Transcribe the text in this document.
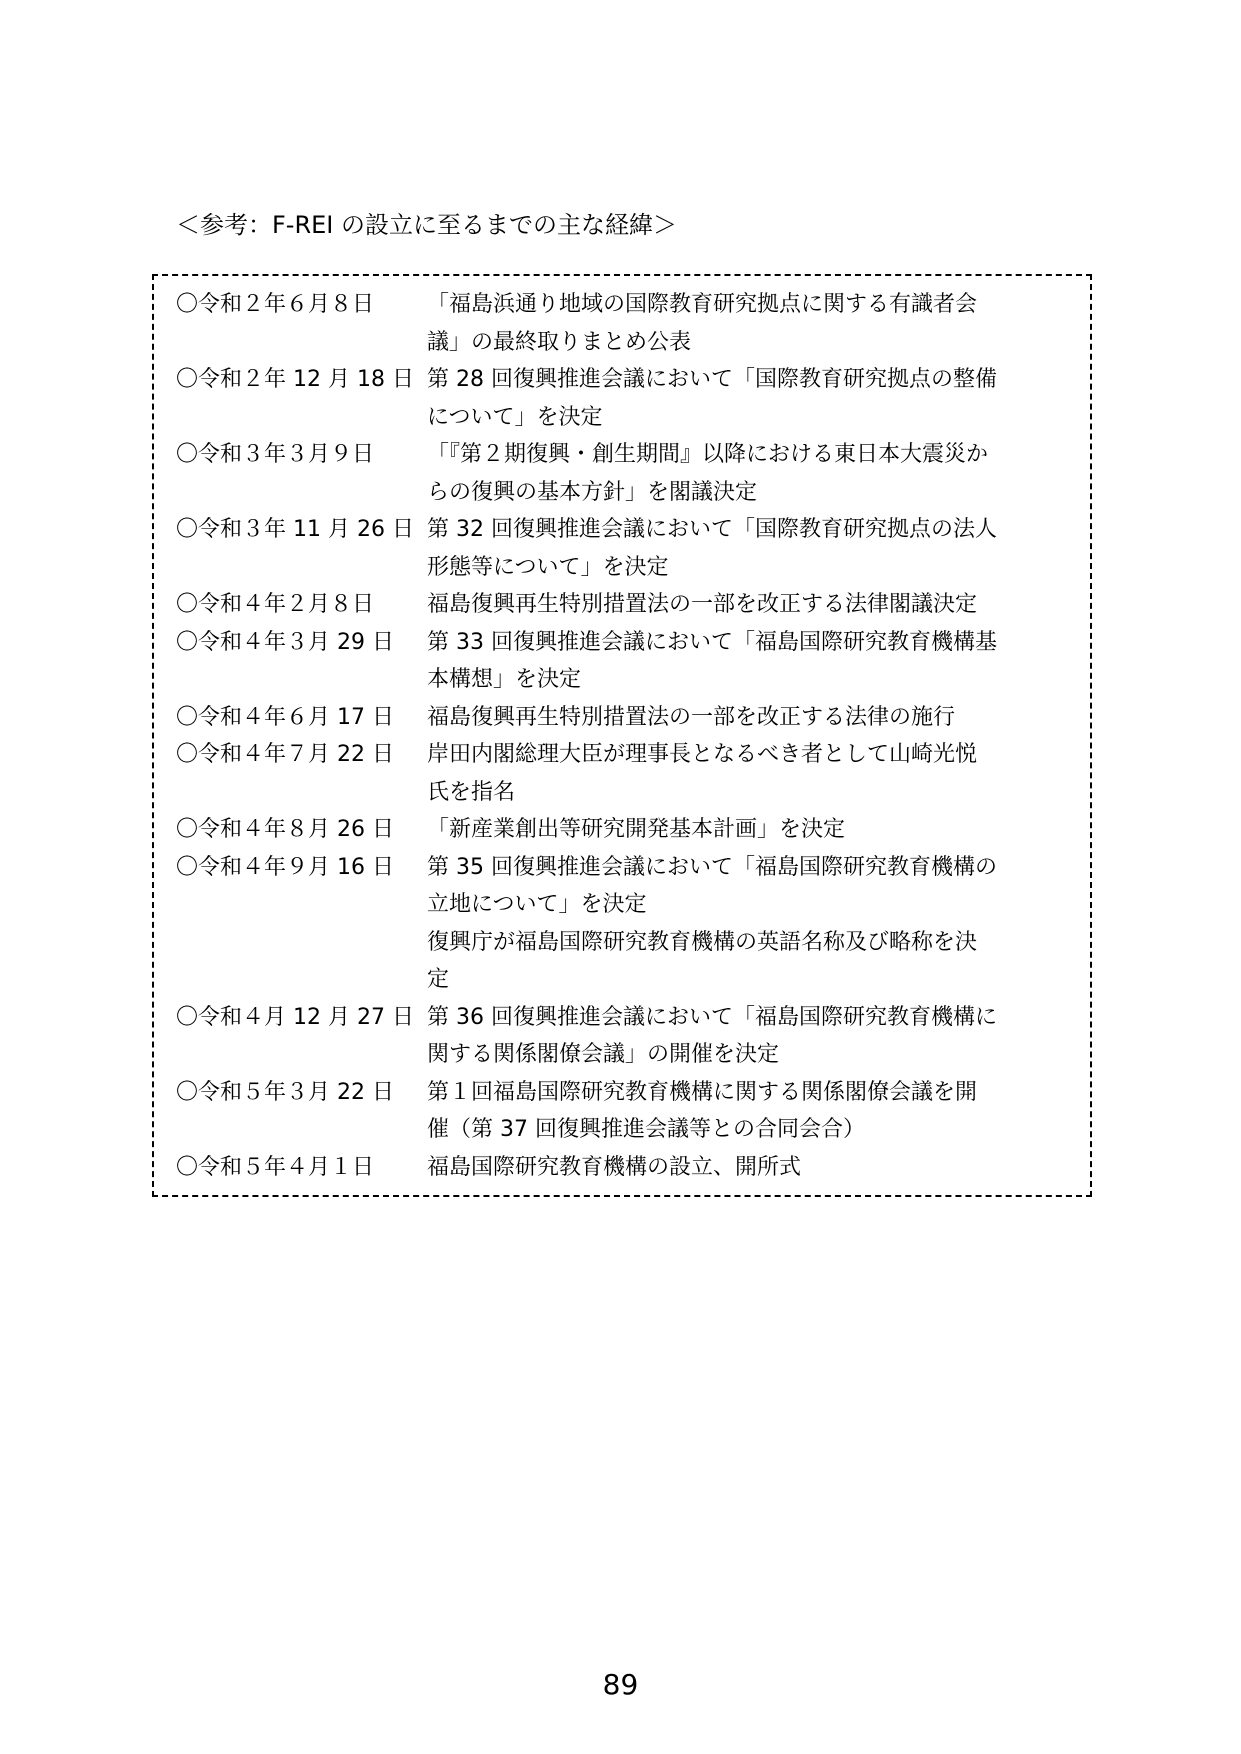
＜参考：F-REI の設立に至るまでの主な経緯＞
〇令和２年６月８日	「福島浜通り地域の国際教育研究拠点に関する有識者会
議」の最終取りまとめ公表
〇令和２年 12 月 18 日 第 28 回復興推進会議において「国際教育研究拠点の整備
について」を決定
〇令和３年３月９日	「『第２期復興・創生期間』以降における東日本大震災か
らの復興の基本方針」を閣議決定
〇令和３年 11 月 26 日 第 32 回復興推進会議において「国際教育研究拠点の法人
形態等について」を決定
〇令和４年２月８日	福島復興再生特別措置法の一部を改正する法律閣議決定
〇令和４年３月 29 日	第 33 回復興推進会議において「福島国際研究教育機構基
本構想」を決定
〇令和４年６月 17 日	福島復興再生特別措置法の一部を改正する法律の施行
〇令和４年７月 22 日	岸田内閣総理大臣が理事長となるべき者として山崎光悦
氏を指名
〇令和４年８月 26 日	「新産業創出等研究開発基本計画」を決定
〇令和４年９月 16 日	第 35 回復興推進会議において「福島国際研究教育機構の
立地について」を決定
復興庁が福島国際研究教育機構の英語名称及び略称を決
定
〇令和４月 12 月 27 日 第 36 回復興推進会議において「福島国際研究教育機構に
関する関係閣僚会議」の開催を決定
〇令和５年３月 22 日	第１回福島国際研究教育機構に関する関係閣僚会議を開
催（第 37 回復興推進会議等との合同会合）
〇令和５年４月１日	福島国際研究教育機構の設立、開所式
89
